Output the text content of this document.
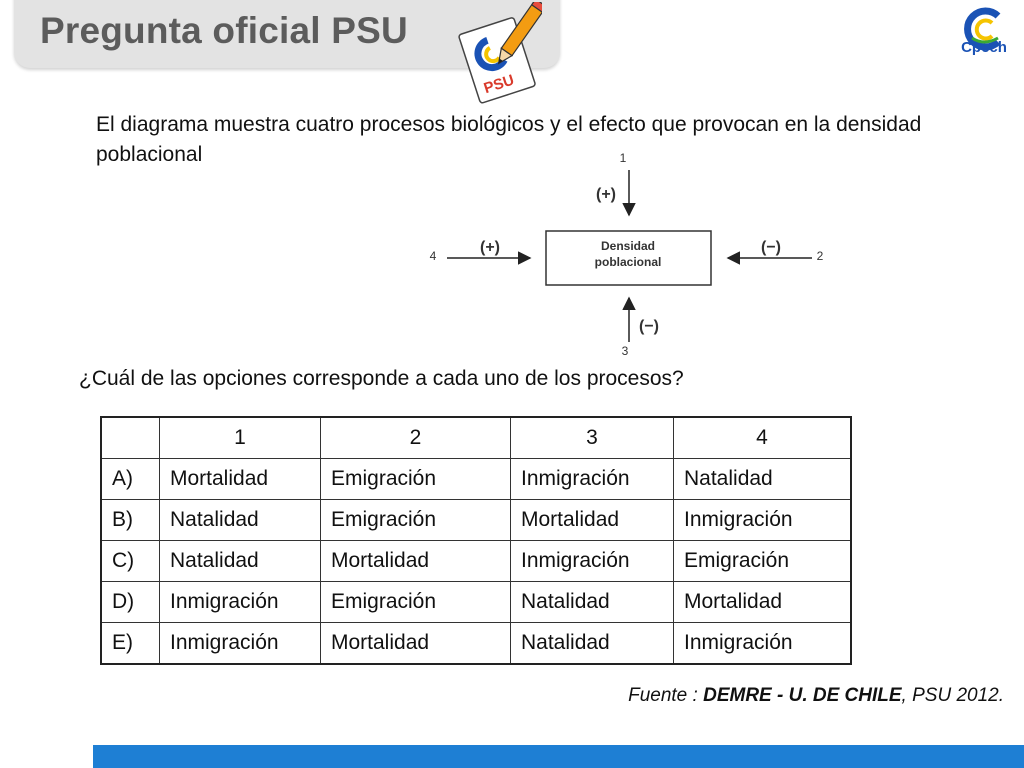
Pregunta oficial PSU
PSU
Cpech
El diagrama muestra cuatro procesos biológicos y el efecto que provocan en la densidad poblacional
Densidad
poblacional
1
(+)
2
(−)
3
(−)
4	(+)
¿Cuál de las opciones corresponde a cada uno de los procesos?
	1	2	3	4
A)	Mortalidad	Emigración	Inmigración	Natalidad
B)	Natalidad	Emigración	Mortalidad	Inmigración
C)	Natalidad	Mortalidad	Inmigración	Emigración
D)	Inmigración	Emigración	Natalidad	Mortalidad
E)	Inmigración	Mortalidad	Natalidad	Inmigración
Fuente : DEMRE - U. DE CHILE, PSU 2012.
